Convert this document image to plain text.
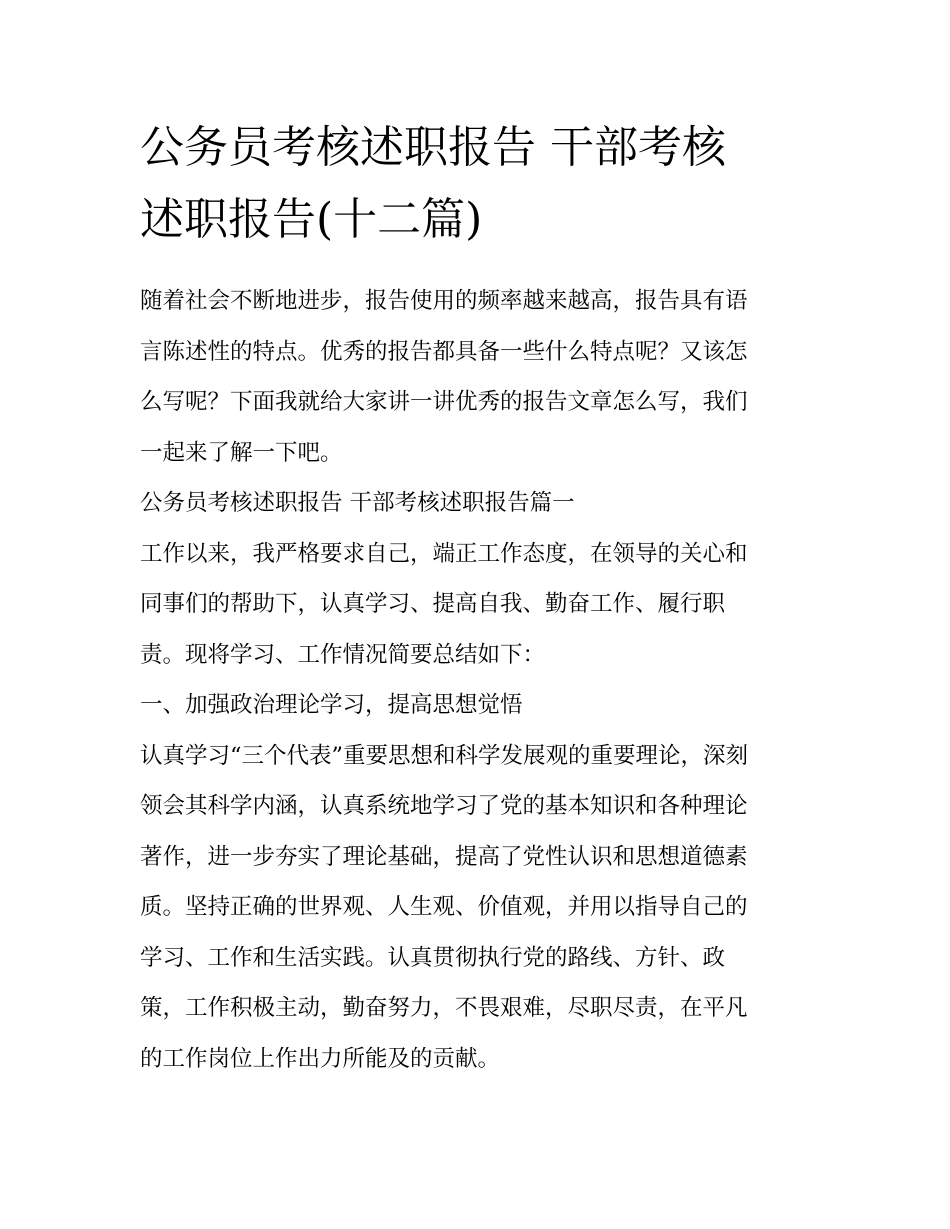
公务员考核述职报告 干部考核
述职报告(十二篇)
随着社会不断地进步，报告使用的频率越来越高，报告具有语
言陈述性的特点。优秀的报告都具备一些什么特点呢？又该怎
么写呢？下面我就给大家讲一讲优秀的报告文章怎么写，我们
一起来了解一下吧。
公务员考核述职报告 干部考核述职报告篇一
工作以来，我严格要求自己，端正工作态度，在领导的关心和
同事们的帮助下，认真学习、提高自我、勤奋工作、履行职
责。现将学习、工作情况简要总结如下：
一、加强政治理论学习，提高思想觉悟
认真学习“三个代表”重要思想和科学发展观的重要理论，深刻
领会其科学内涵，认真系统地学习了党的基本知识和各种理论
著作，进一步夯实了理论基础，提高了党性认识和思想道德素
质。坚持正确的世界观、人生观、价值观，并用以指导自己的
学习、工作和生活实践。认真贯彻执行党的路线、方针、政
策，工作积极主动，勤奋努力，不畏艰难，尽职尽责，在平凡
的工作岗位上作出力所能及的贡献。
